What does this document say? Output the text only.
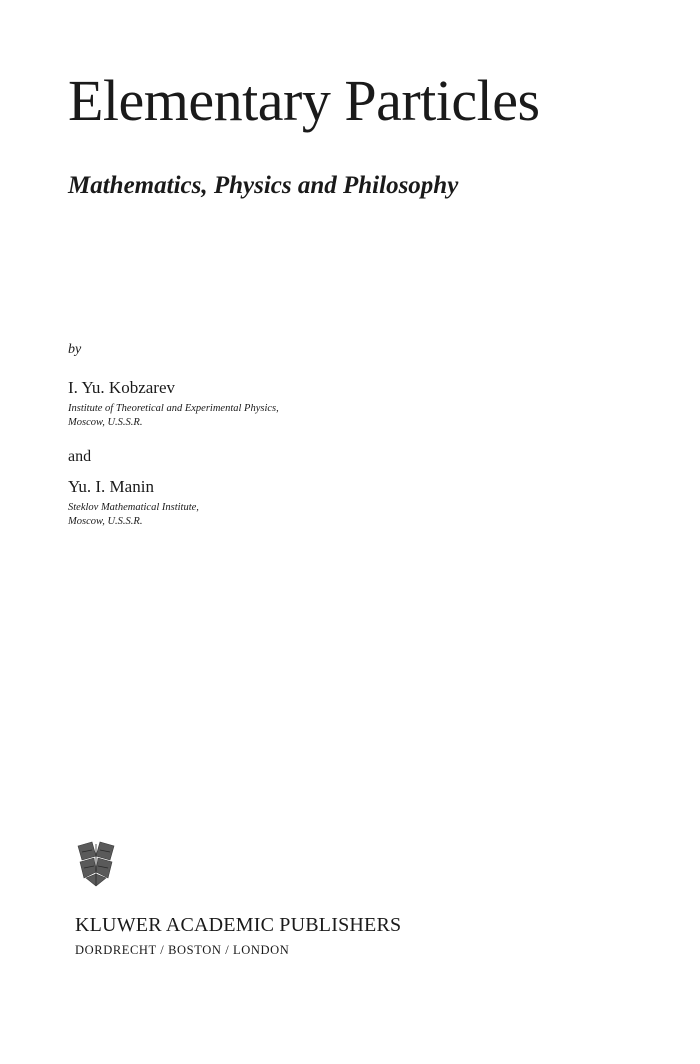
Elementary Particles
Mathematics, Physics and Philosophy
by
I. Yu. Kobzarev
Institute of Theoretical and Experimental Physics,
Moscow, U.S.S.R.
and
Yu. I. Manin
Steklov Mathematical Institute,
Moscow, U.S.S.R.
KLUWER ACADEMIC PUBLISHERS
DORDRECHT / BOSTON / LONDON
